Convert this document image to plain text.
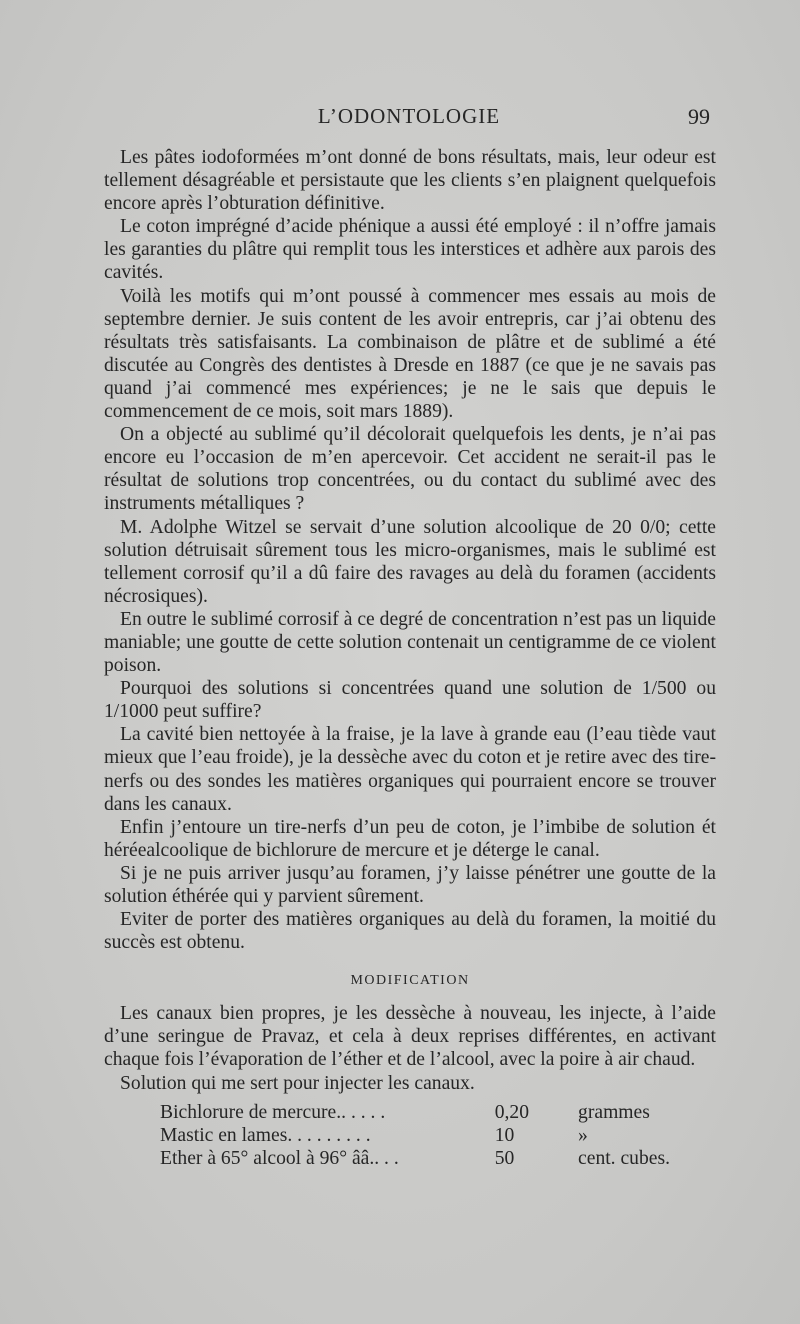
L’ODONTOLOGIE	99

Les pâtes iodoformées m’ont donné de bons résultats, mais, leur odeur est tellement désagréable et persistaute que les clients s’en plaignent quelquefois encore après l’obturation définitive.

Le coton imprégné d’acide phénique a aussi été employé : il n’offre jamais les garanties du plâtre qui remplit tous les interstices et adhère aux parois des cavités.

Voilà les motifs qui m’ont poussé à commencer mes essais au mois de septembre dernier. Je suis content de les avoir entrepris, car j’ai obtenu des résultats très satisfaisants. La combinaison de plâtre et de sublimé a été discutée au Congrès des dentistes à Dresde en 1887 (ce que je ne savais pas quand j’ai commencé mes expériences; je ne le sais que depuis le commencement de ce mois, soit mars 1889).

On a objecté au sublimé qu’il décolorait quelquefois les dents, je n’ai pas encore eu l’occasion de m’en apercevoir. Cet accident ne serait-il pas le résultat de solutions trop concentrées, ou du contact du sublimé avec des instruments métalliques ?

M. Adolphe Witzel se servait d’une solution alcoolique de 20 0/0; cette solution détruisait sûrement tous les micro-organismes, mais le sublimé est tellement corrosif qu’il a dû faire des ravages au delà du foramen (accidents nécrosiques).

En outre le sublimé corrosif à ce degré de concentration n’est pas un liquide maniable; une goutte de cette solution contenait un centigramme de ce violent poison.

Pourquoi des solutions si concentrées quand une solution de 1/500 ou 1/1000 peut suffire?

La cavité bien nettoyée à la fraise, je la lave à grande eau (l’eau tiède vaut mieux que l’eau froide), je la dessèche avec du coton et je retire avec des tire-nerfs ou des sondes les matières organiques qui pourraient encore se trouver dans les canaux.

Enfin j’entoure un tire-nerfs d’un peu de coton, je l’imbibe de solution ét héréealcoolique de bichlorure de mercure et je déterge le canal.

Si je ne puis arriver jusqu’au foramen, j’y laisse pénétrer une goutte de la solution éthérée qui y parvient sûrement.

Eviter de porter des matières organiques au delà du foramen, la moitié du succès est obtenu.

MODIFICATION

Les canaux bien propres, je les dessèche à nouveau, les injecte, à l’aide d’une seringue de Pravaz, et cela à deux reprises différentes, en activant chaque fois l’évaporation de l’éther et de l’alcool, avec la poire à air chaud.

Solution qui me sert pour injecter les canaux.

Bichlorure de mercure.. . . . .	0,20	grammes
Mastic en lames. . . . . . . . .	10	»
Ether à 65° alcool à 96° ââ.. . .	50	cent. cubes.
